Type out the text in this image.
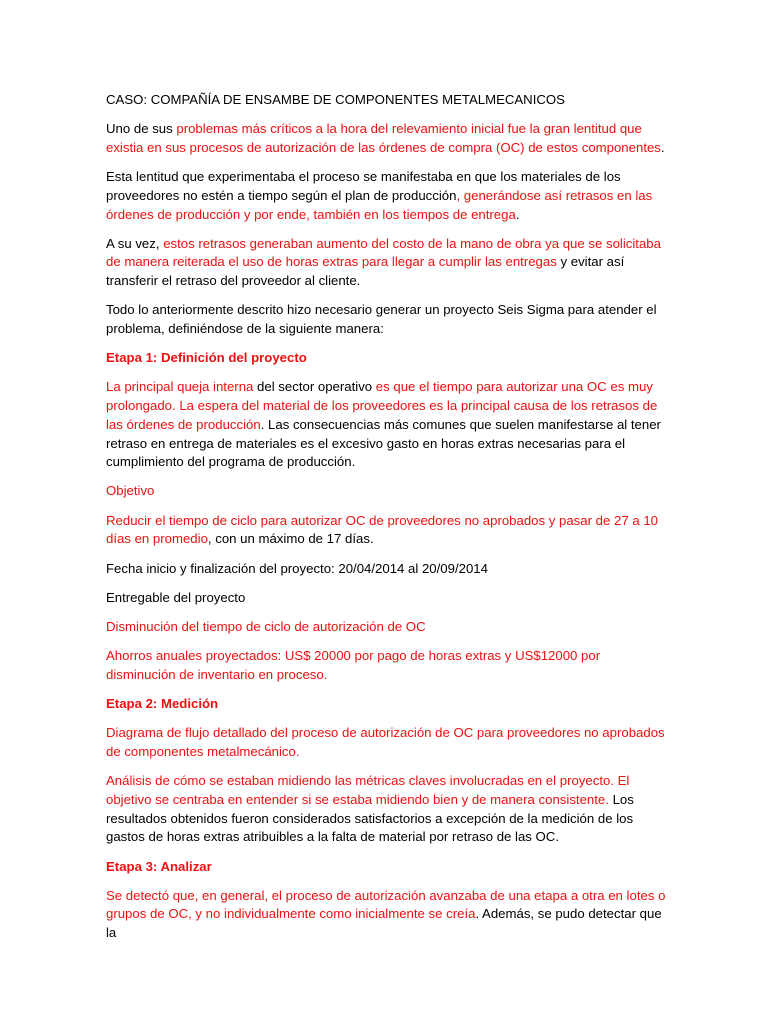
CASO: COMPAÑÍA DE ENSAMBE DE COMPONENTES METALMECANICOS

Uno de sus problemas más críticos a la hora del relevamiento inicial fue la gran lentitud que existia en sus procesos de autorización de las órdenes de compra (OC) de estos componentes.

Esta lentitud que experimentaba el proceso se manifestaba en que los materiales de los proveedores no estén a tiempo según el plan de producción, generándose así retrasos en las órdenes de producción y por ende, también en los tiempos de entrega.

A su vez, estos retrasos generaban aumento del costo de la mano de obra ya que se solicitaba de manera reiterada el uso de horas extras para llegar a cumplir las entregas y evitar así transferir el retraso del proveedor al cliente.

Todo lo anteriormente descrito hizo necesario generar un proyecto Seis Sigma para atender el problema, definiéndose de la siguiente manera:

Etapa 1: Definición del proyecto

La principal queja interna del sector operativo es que el tiempo para autorizar una OC es muy prolongado. La espera del material de los proveedores es la principal causa de los retrasos de las órdenes de producción. Las consecuencias más comunes que suelen manifestarse al tener retraso en entrega de materiales es el excesivo gasto en horas extras necesarias para el cumplimiento del programa de producción.

Objetivo

Reducir el tiempo de ciclo para autorizar OC de proveedores no aprobados y pasar de 27 a 10 días en promedio, con un máximo de 17 días.

Fecha inicio y finalización del proyecto: 20/04/2014 al 20/09/2014

Entregable del proyecto

Disminución del tiempo de ciclo de autorización de OC

Ahorros anuales proyectados: US$ 20000 por pago de horas extras y US$12000 por disminución de inventario en proceso.

Etapa 2: Medición

Diagrama de flujo detallado del proceso de autorización de OC para proveedores no aprobados de componentes metalmecánico.

Análisis de cómo se estaban midiendo las métricas claves involucradas en el proyecto. El objetivo se centraba en entender si se estaba midiendo bien y de manera consistente. Los resultados obtenidos fueron considerados satisfactorios a excepción de la medición de los gastos de horas extras atribuibles a la falta de material por retraso de las OC.

Etapa 3: Analizar

Se detectó que, en general, el proceso de autorización avanzaba de una etapa a otra en lotes o grupos de OC, y no individualmente como inicialmente se creía. Además, se pudo detectar que la
